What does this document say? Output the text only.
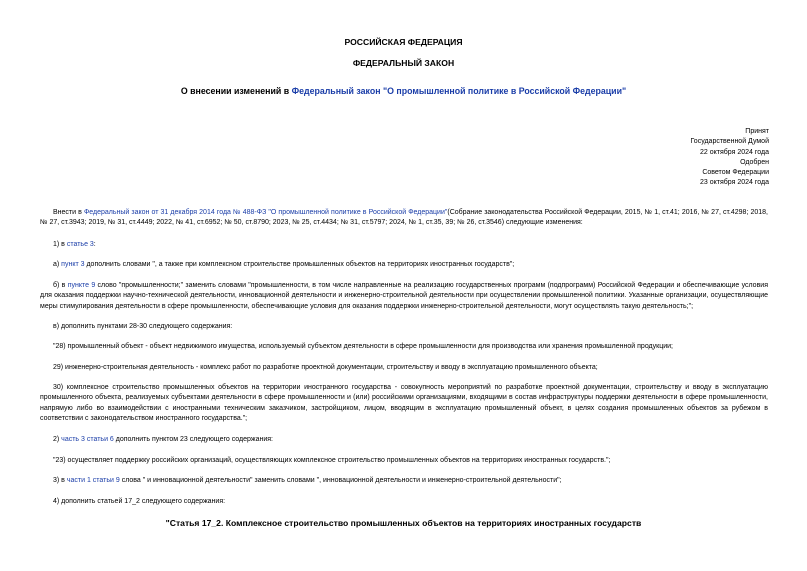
РОССИЙСКАЯ ФЕДЕРАЦИЯ
ФЕДЕРАЛЬНЫЙ ЗАКОН
О внесении изменений в Федеральный закон "О промышленной политике в Российской Федерации"
Принят
Государственной Думой
22 октября 2024 года
Одобрен
Советом Федерации
23 октября 2024 года
Внести в Федеральный закон от 31 декабря 2014 года № 488-ФЗ "О промышленной политике в Российской Федерации"(Собрание законодательства Российской Федерации, 2015, № 1, ст.41; 2016, № 27, ст.4298; 2018, № 27, ст.3943; 2019, № 31, ст.4449; 2022, № 41, ст.6952; № 50, ст.8790; 2023, № 25, ст.4434; № 31, ст.5797; 2024, № 1, ст.35, 39; № 26, ст.3546) следующие изменения:
1) в статье 3:
а) пункт 3 дополнить словами ", а также при комплексном строительстве промышленных объектов на территориях иностранных государств";
б) в пункте 9 слово "промышленности;" заменить словами "промышленности, в том числе направленные на реализацию государственных программ (подпрограмм) Российской Федерации и обеспечивающие условия для оказания поддержки научно-технической деятельности, инновационной деятельности и инженерно-строительной деятельности при осуществлении промышленной политики. Указанные организации, осуществляющие меры стимулирования деятельности в сфере промышленности, обеспечивающие условия для оказания поддержки инженерно-строительной деятельности, могут осуществлять такую деятельность;";
в) дополнить пунктами 28-30 следующего содержания:
"28) промышленный объект - объект недвижимого имущества, используемый субъектом деятельности в сфере промышленности для производства или хранения промышленной продукции;
29) инженерно-строительная деятельность - комплекс работ по разработке проектной документации, строительству и вводу в эксплуатацию промышленного объекта;
30) комплексное строительство промышленных объектов на территории иностранного государства - совокупность мероприятий по разработке проектной документации, строительству и вводу в эксплуатацию промышленного объекта, реализуемых субъектами деятельности в сфере промышленности и (или) российскими организациями, входящими в состав инфраструктуры поддержки деятельности в сфере промышленности, напрямую либо во взаимодействии с иностранными техническим заказчиком, застройщиком, лицом, вводящим в эксплуатацию промышленный объект, в целях создания промышленных объектов за рубежом в соответствии с законодательством иностранного государства.";
2) часть 3 статьи 6 дополнить пунктом 23 следующего содержания:
"23) осуществляет поддержку российских организаций, осуществляющих комплексное строительство промышленных объектов на территориях иностранных государств.";
3) в части 1 статьи 9 слова " и инновационной деятельности" заменить словами ", инновационной деятельности и инженерно-строительной деятельности";
4) дополнить статьей 17_2 следующего содержания:
"Статья 17_2. Комплексное строительство промышленных объектов на территориях иностранных государств
